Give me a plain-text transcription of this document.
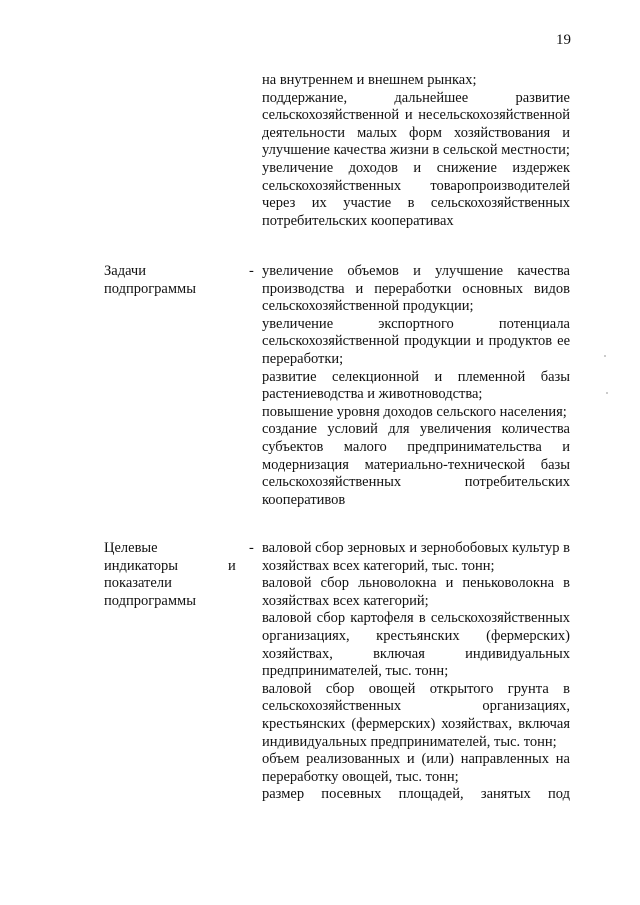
19

на внутреннем и внешнем рынках;

поддержание, дальнейшее развитие сельскохозяйственной и несельскохозяйственной деятельности малых форм хозяйствования и улучшение качества жизни в сельской местности;

увеличение доходов и снижение издержек сельскохозяйственных товаропроизводителей через их участие в сельскохозяйственных потребительских кооперативах

Задачи
подпрограммы
- увеличение объемов и улучшение качества производства и переработки основных видов сельскохозяйственной продукции;

увеличение экспортного потенциала сельскохозяйственной продукции и продуктов ее переработки;

развитие селекционной и племенной базы растениеводства и животноводства;

повышение уровня доходов сельского населения;

создание условий для увеличения количества субъектов малого предпринимательства и модернизация материально-технической базы сельскохозяйственных потребительских кооперативов

Целевые
индикаторы
показатели
подпрограммы
и
- валовой сбор зерновых и зернобобовых культур в хозяйствах всех категорий, тыс. тонн;

валовой сбор льноволокна и пеньковолокна в хозяйствах всех категорий;

валовой сбор картофеля в сельскохозяйственных организациях, крестьянских (фермерских) хозяйствах, включая индивидуальных предпринимателей, тыс. тонн;

валовой сбор овощей открытого грунта в сельскохозяйственных организациях, крестьянских (фермерских) хозяйствах, включая индивидуальных предпринимателей, тыс. тонн;

объем реализованных и (или) направленных на переработку овощей, тыс. тонн;

размер посевных площадей, занятых под
